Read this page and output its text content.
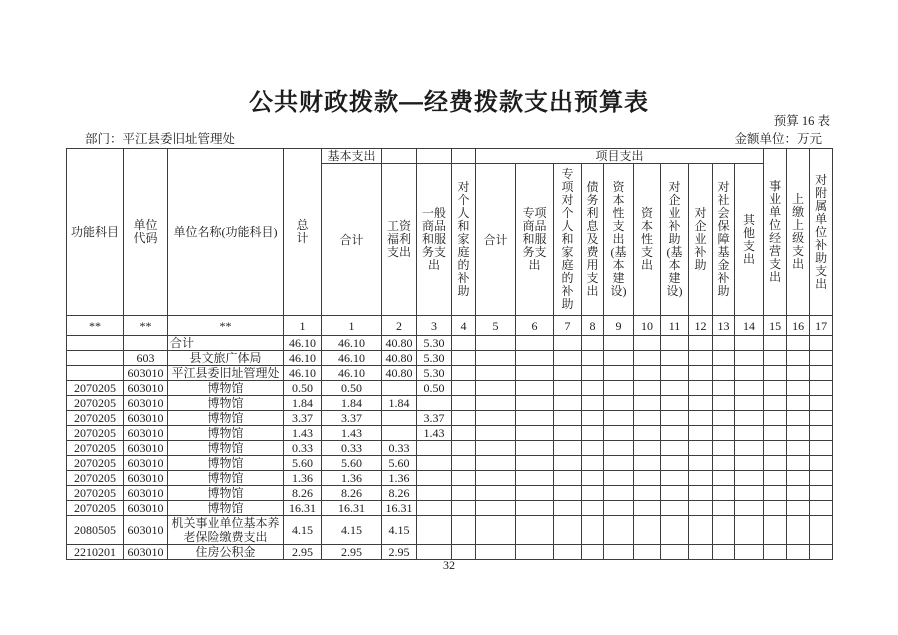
公共财政拨款—经费拨款支出预算表
预算 16 表
部门：平江县委旧址管理处	金额单位：万元
功能科目	单位代码	单位名称(功能科目)	总计	基本支出				项目支出										事业单位经营支出	上缴上级支出	对附属单位补助支出
				合计	工资福利支出	一般商品和服务支出	对个人和家庭的补助	合计	专项商品和服务支出	专项对个人和家庭的补助	债务利息及费用支出	资本性支出(基本建设)	资本性支出	对企业补助(基本建设)	对企业补助	对社会保障基金补助	其他支出			
**	**	**	1	1	2	3	4	5	6	7	8	9	10	11	12	13	14	15	16	17
		合计	46.10	46.10	40.80	5.30														
	603	县文旅广体局	46.10	46.10	40.80	5.30														
	603010	平江县委旧址管理处	46.10	46.10	40.80	5.30														
2070205	603010	博物馆	0.50	0.50		0.50														
2070205	603010	博物馆	1.84	1.84	1.84															
2070205	603010	博物馆	3.37	3.37		3.37														
2070205	603010	博物馆	1.43	1.43		1.43														
2070205	603010	博物馆	0.33	0.33	0.33															
2070205	603010	博物馆	5.60	5.60	5.60															
2070205	603010	博物馆	1.36	1.36	1.36															
2070205	603010	博物馆	8.26	8.26	8.26															
2070205	603010	博物馆	16.31	16.31	16.31															
2080505	603010	机关事业单位基本养老保险缴费支出	4.15	4.15	4.15															
2210201	603010	住房公积金	2.95	2.95	2.95															
32
